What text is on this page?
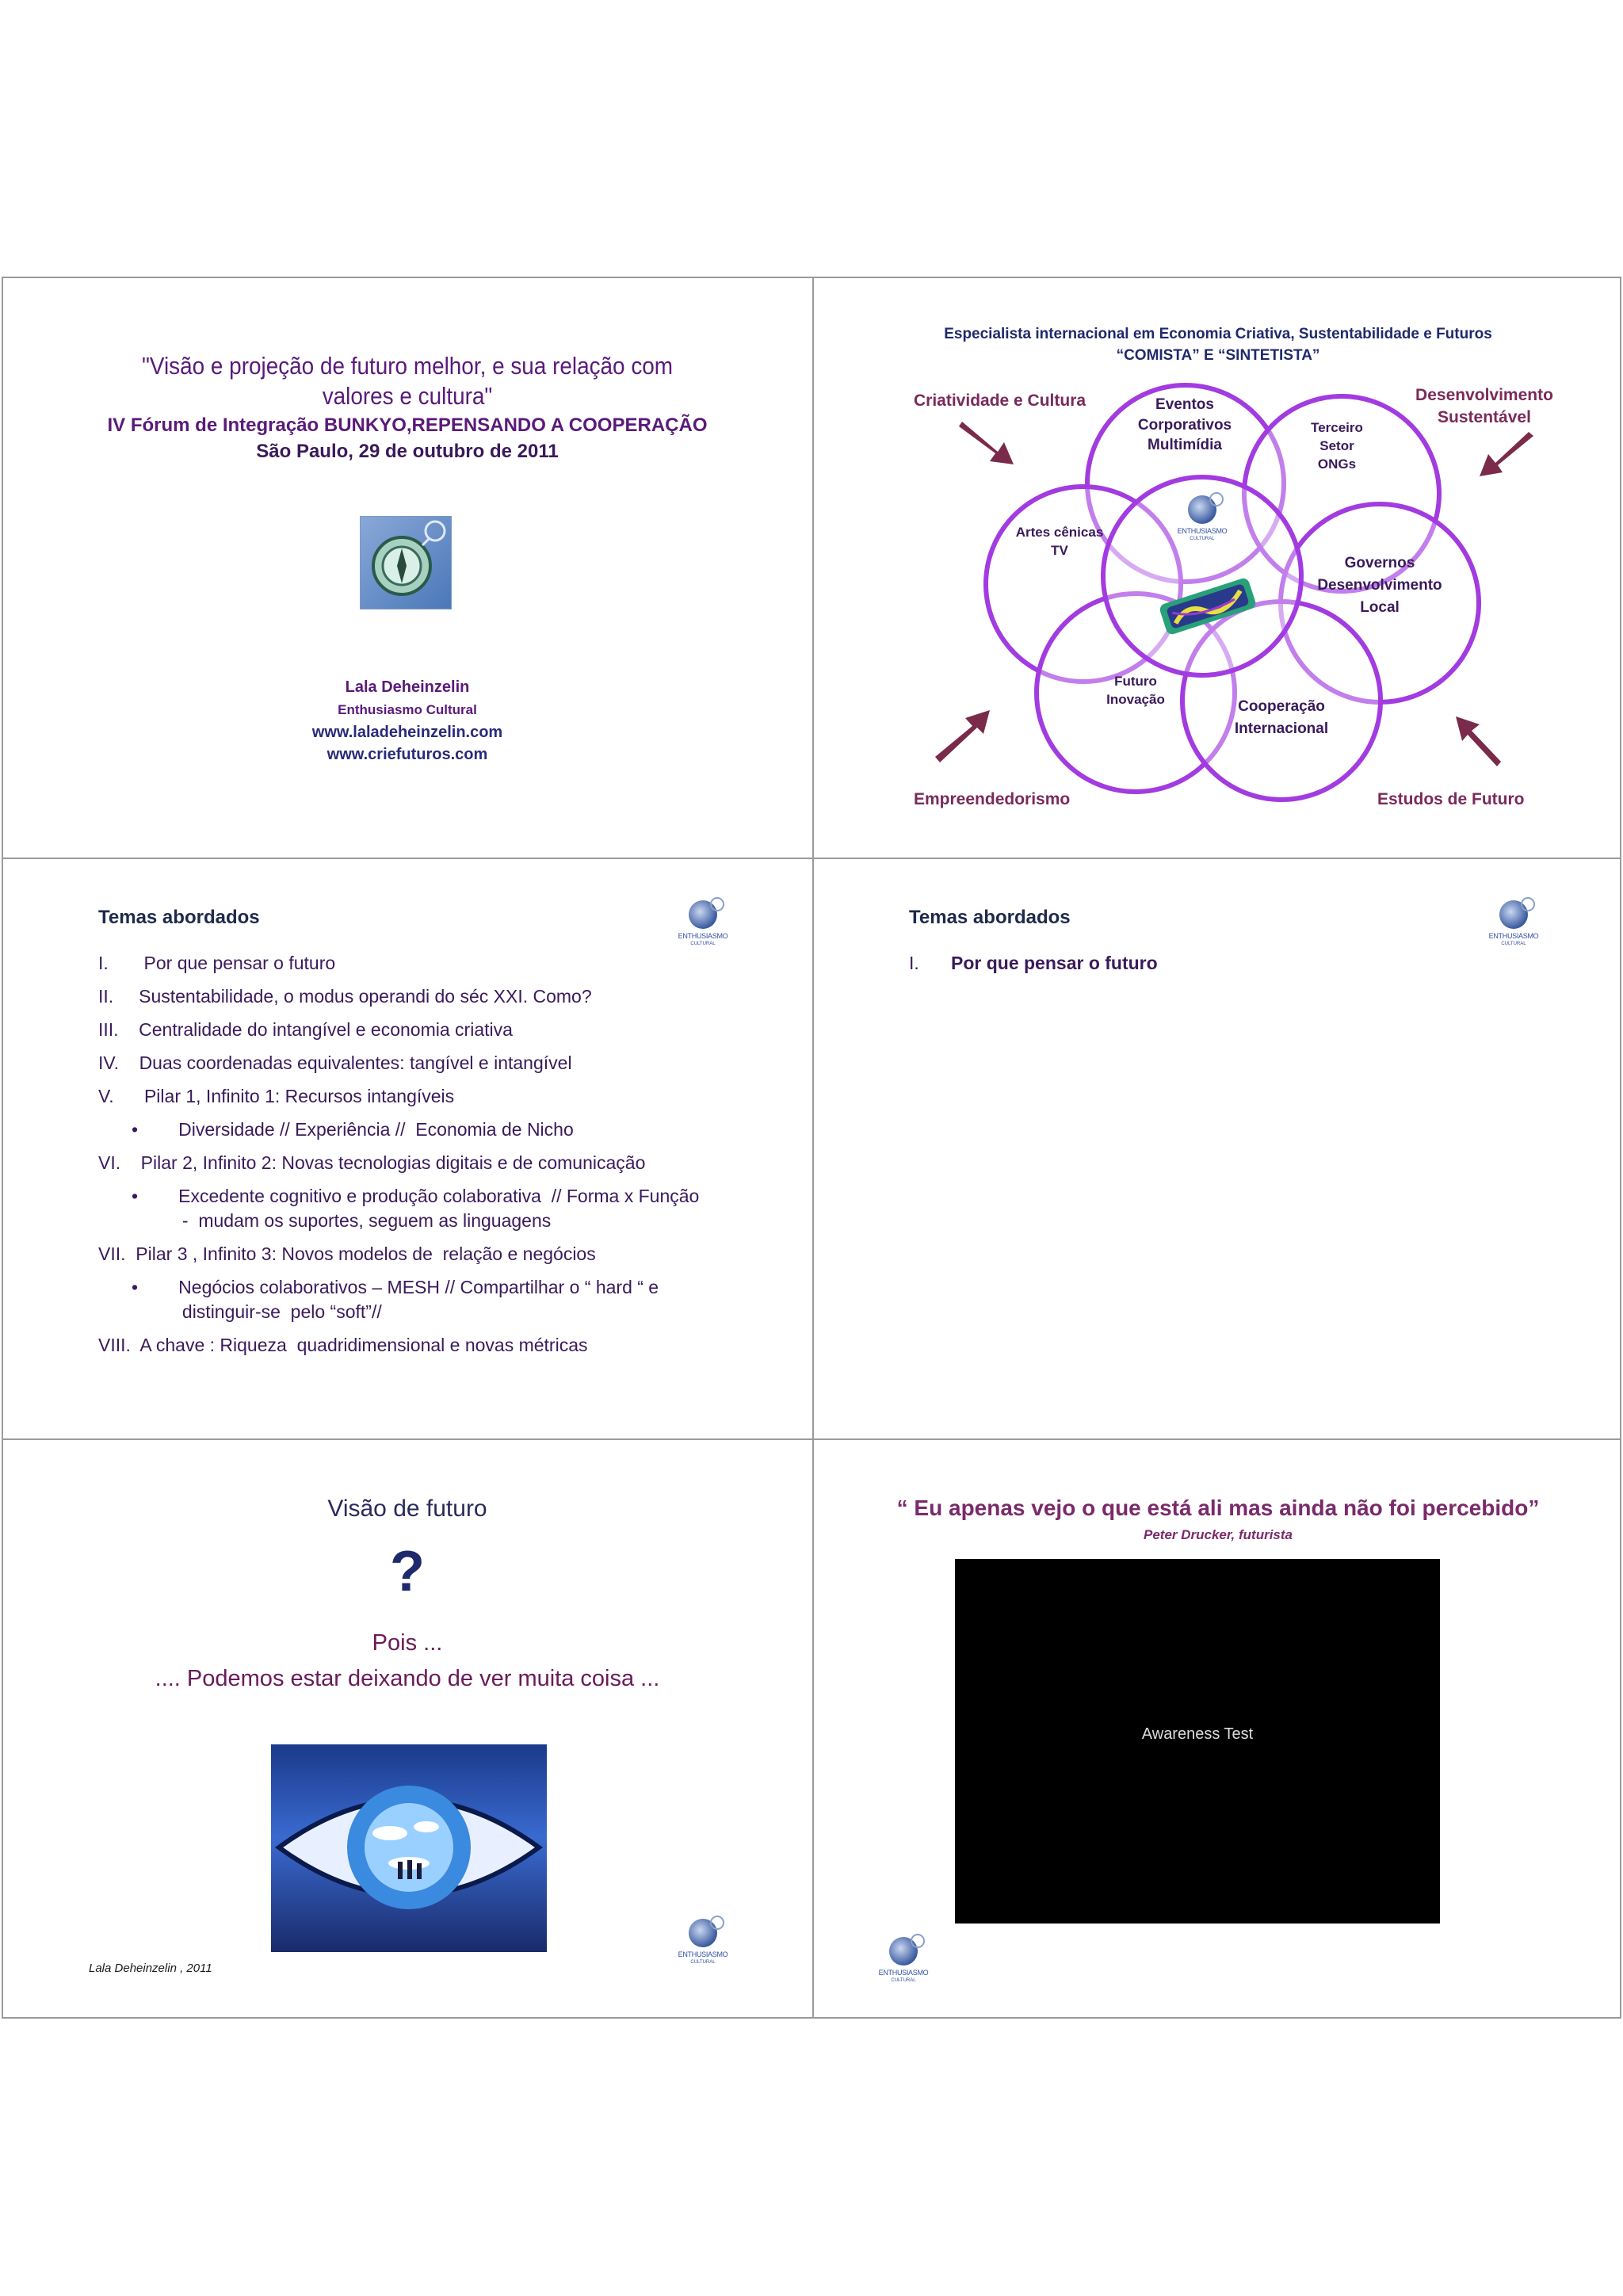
"Visão e projeção de futuro melhor, e sua relação com
valores e cultura"
IV Fórum de Integração BUNKYO,REPENSANDO A COOPERAÇÃO
São Paulo, 29 de outubro de 2011
Lala Deheinzelin
Enthusiasmo Cultural
www.laladeheinzelin.com
www.criefuturos.com
Especialista internacional em Economia Criativa, Sustentabilidade e Futuros
“COMISTA” E “SINTETISTA”
Criatividade e Cultura	Desenvolvimento
Sustentável
Empreendedorismo	Estudos de Futuro
Eventos
Corporativos
Multimídia
Terceiro
Setor
ONGs
Artes cênicas
TV
Governos
Desenvolvimento
Local
Futuro
Inovação	Cooperação
Internacional
ENTHUSIASMO
CULTURAL
Temas abordados
ENTHUSIASMO
CULTURAL
I.       Por que pensar o futuro
II.     Sustentabilidade, o modus operandi do séc XXI. Como?
III.    Centralidade do intangível e economia criativa
IV.    Duas coordenadas equivalentes: tangível e intangível
V.      Pilar 1, Infinito 1: Recursos intangíveis
•        Diversidade // Experiência //  Economia de Nicho
VI.    Pilar 2, Infinito 2: Novas tecnologias digitais e de comunicação
•        Excedente cognitivo e produção colaborativa  // Forma x Função
-  mudam os suportes, seguem as linguagens
VII.  Pilar 3 , Infinito 3: Novos modelos de  relação e negócios
•        Negócios colaborativos – MESH // Compartilhar o “ hard “ e
distinguir-se  pelo “soft”//
VIII.  A chave : Riqueza  quadridimensional e novas métricas
Temas abordados
ENTHUSIASMO
CULTURAL
I. Por que pensar o futuro
Visão de futuro
?
Pois ...
.... Podemos estar deixando de ver muita coisa ...
ENTHUSIASMO
CULTURAL
Lala Deheinzelin , 2011
“ Eu apenas vejo o que está ali mas ainda não foi percebido”
Peter Drucker, futurista
Awareness Test
ENTHUSIASMO
CULTURAL
